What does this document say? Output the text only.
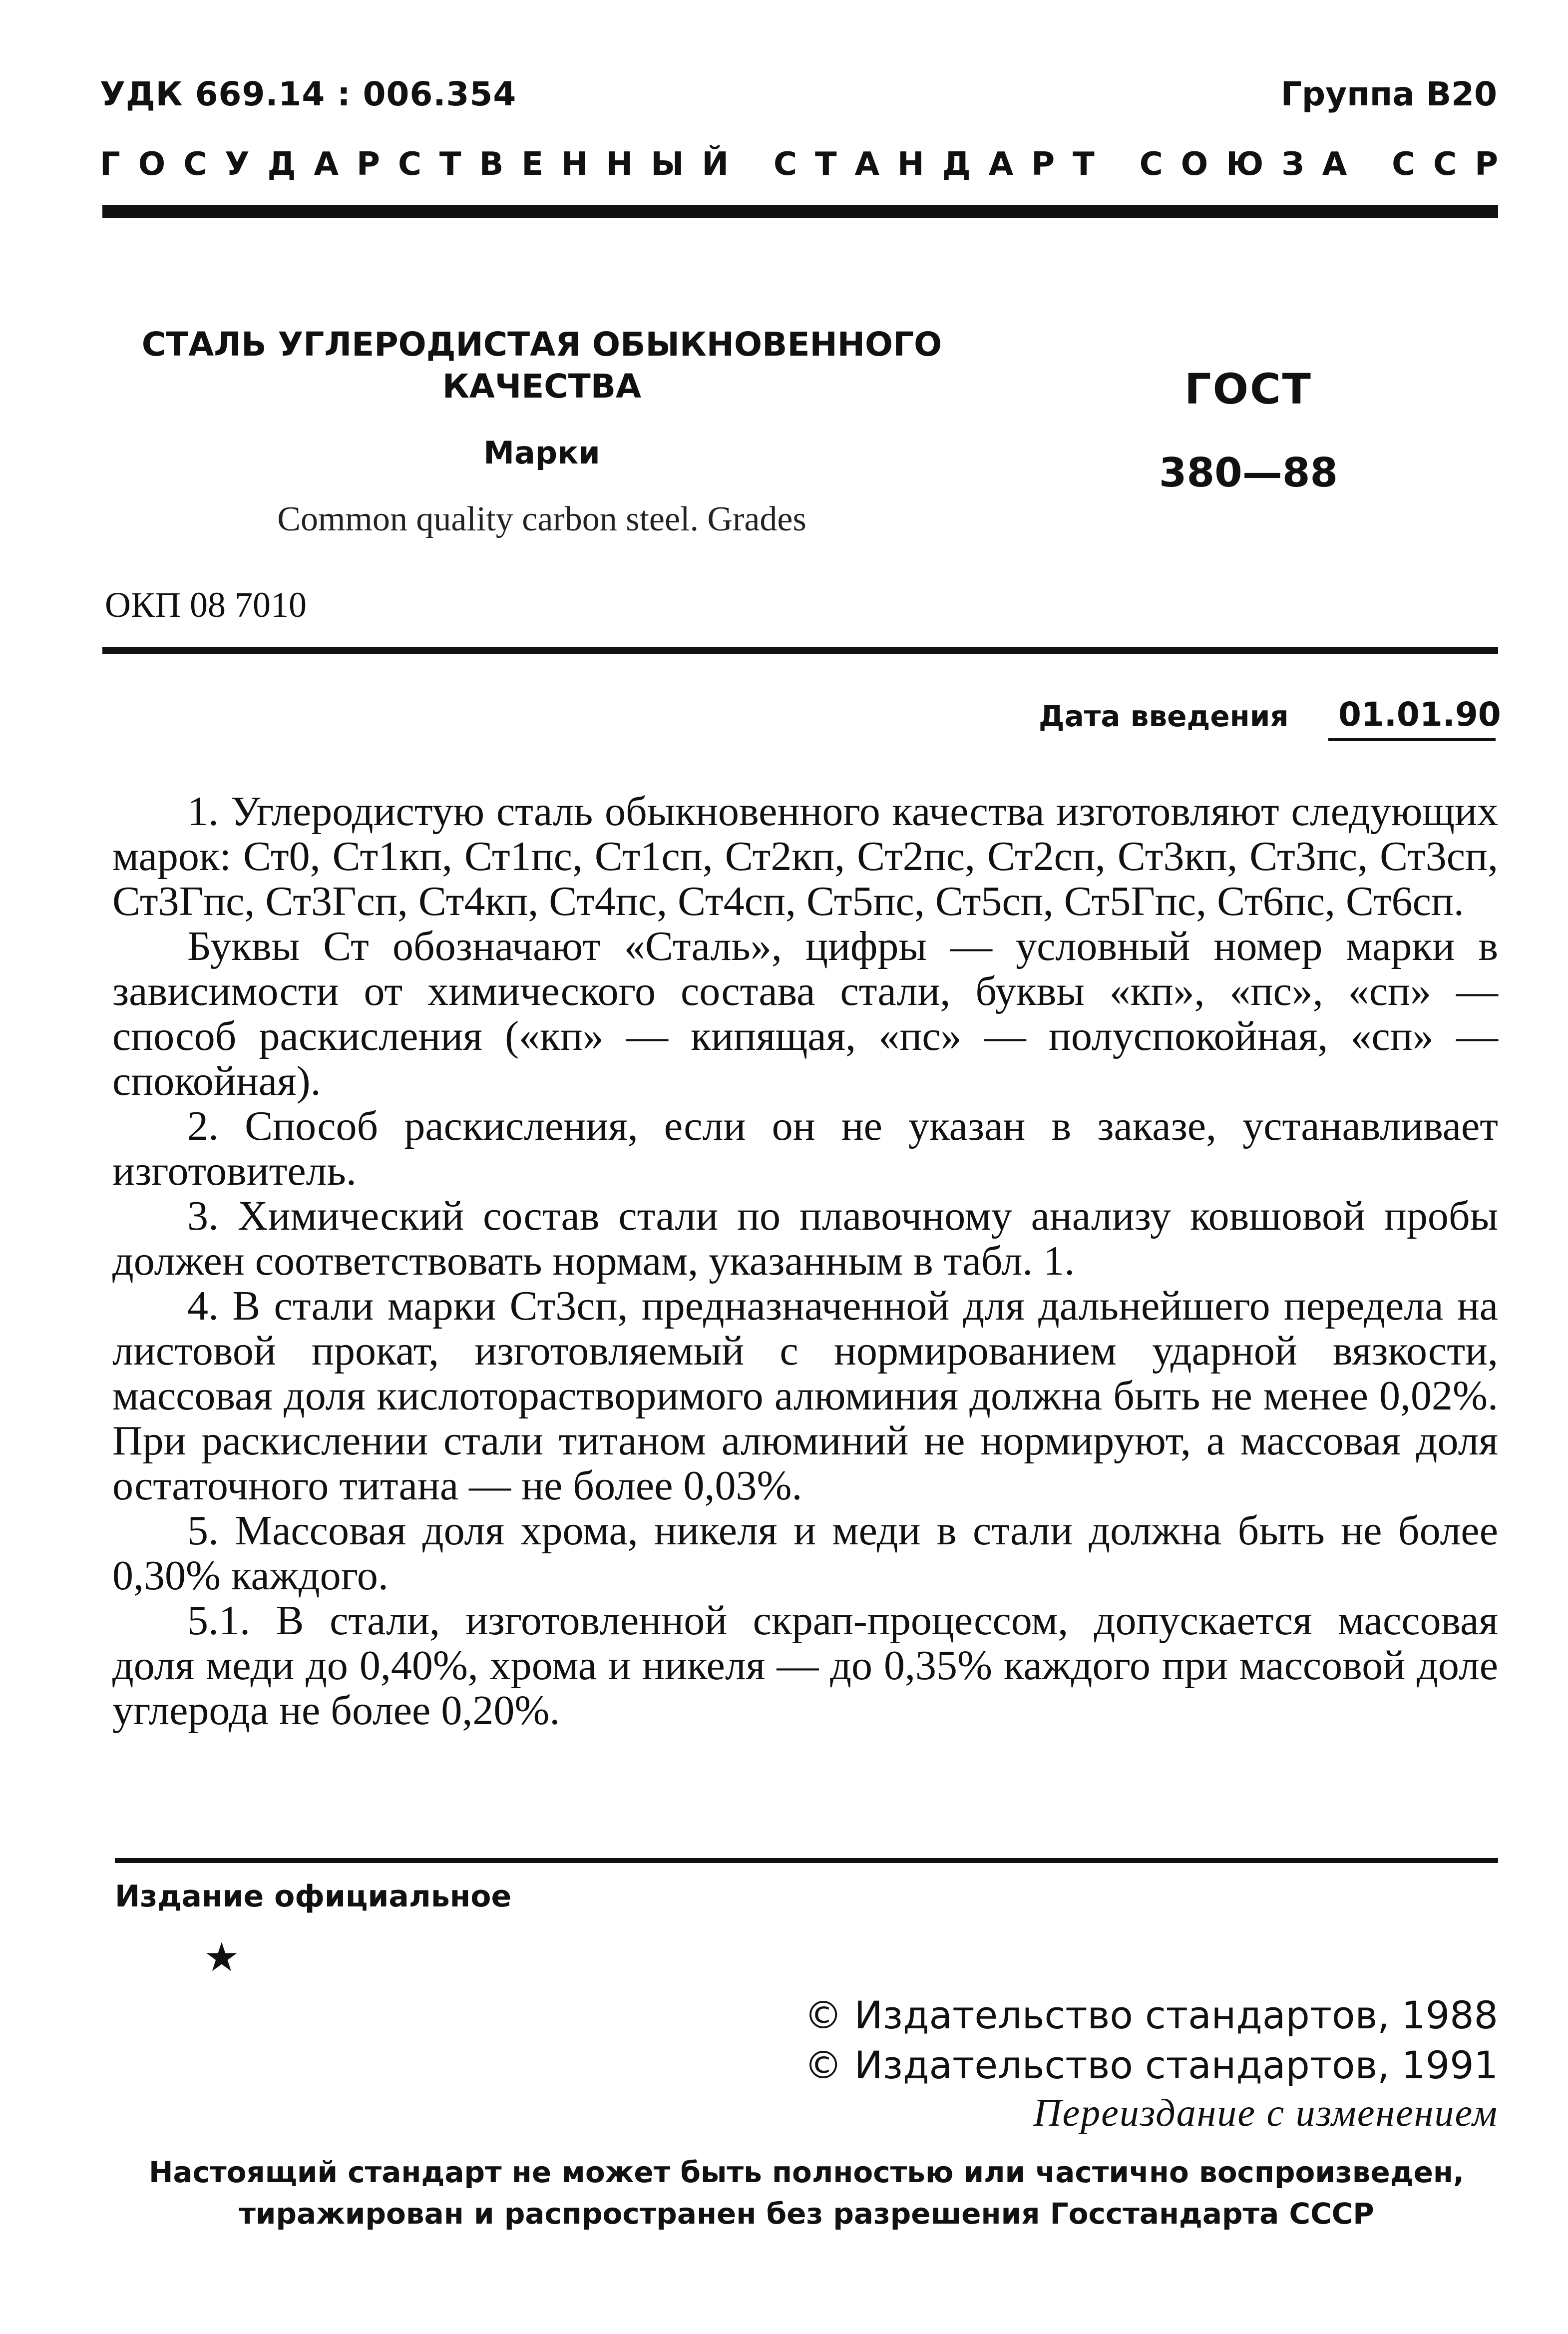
УДК 669.14 : 006.354	Группа В20
Г О С У Д А Р С Т В Е Н Н Ы Й С Т А Н Д А Р Т С О Ю З А С С Р
СТАЛЬ УГЛЕРОДИСТАЯ ОБЫКНОВЕННОГО
КАЧЕСТВА
Марки
Common quality carbon steel. Grades
ГОСТ
380—88
ОКП 08 7010
Дата введения 01.01.90

1. Углеродистую сталь обыкновенного качества изготовляют следующих марок: Ст0, Ст1кп, Ст1пс, Ст1сп, Ст2кп, Ст2пс, Ст2сп, Ст3кп, Ст3пс, Ст3сп, Ст3Гпс, Ст3Гсп, Ст4кп, Ст4пс, Ст4сп, Ст5пс, Ст5сп, Ст5Гпс, Ст6пс, Ст6сп.

Буквы Ст обозначают «Сталь», цифры — условный номер марки в зависимости от химического состава стали, буквы «кп», «пс», «сп» — способ раскисления («кп» — кипящая, «пс» — полуспокойная, «сп» — спокойная).

2. Способ раскисления, если он не указан в заказе, устанавливает изготовитель.

3. Химический состав стали по плавочному анализу ковшовой пробы должен соответствовать нормам, указанным в табл. 1.

4. В стали марки Ст3сп, предназначенной для дальнейшего передела на листовой прокат, изготовляемый с нормированием ударной вязкости, массовая доля кислоторастворимого алюминия должна быть не менее 0,02%. При раскислении стали титаном алюминий не нормируют, а массовая доля остаточного титана — не более 0,03%.

5. Массовая доля хрома, никеля и меди в стали должна быть не более 0,30% каждого.

5.1. В стали, изготовленной скрап-процессом, допускается массовая доля меди до 0,40%, хрома и никеля — до 0,35% каждого при массовой доле углерода не более 0,20%.

Издание официальное
★
© Издательство стандартов, 1988
© Издательство стандартов, 1991
Переиздание с изменением
Настоящий стандарт не может быть полностью или частично воспроизведен,
тиражирован и распространен без разрешения Госстандарта СССР
